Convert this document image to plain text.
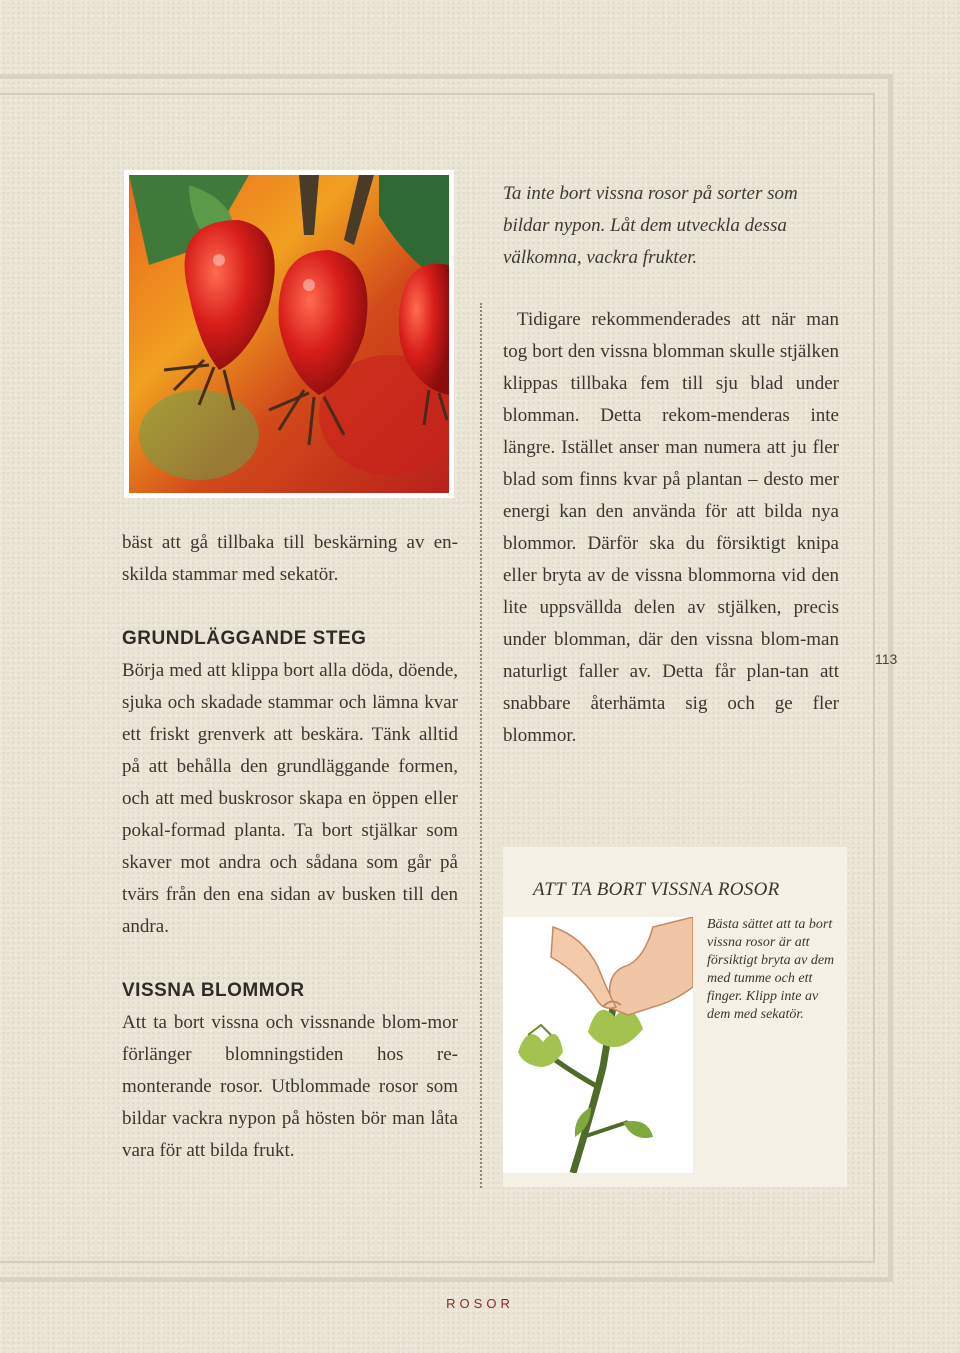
Ta inte bort vissna rosor på sorter som bildar nypon. Låt dem utveckla dessa välkomna, vackra frukter.

bäst att gå tillbaka till beskärning av en-skilda stammar med sekatör.

GRUNDLÄGGANDE STEG

Börja med att klippa bort alla döda, döende, sjuka och skadade stammar och lämna kvar ett friskt grenverk att beskära. Tänk alltid på att behålla den grundläggande formen, och att med buskrosor skapa en öppen eller pokal-formad planta. Ta bort stjälkar som skaver mot andra och sådana som går på tvärs från den ena sidan av busken till den andra.

VISSNA BLOMMOR

Att ta bort vissna och vissnande blom-mor förlänger blomningstiden hos re-monterande rosor. Utblommade rosor som bildar vackra nypon på hösten bör man låta vara för att bilda frukt.

Tidigare rekommenderades att när man tog bort den vissna blomman skulle stjälken klippas tillbaka fem till sju blad under blomman. Detta rekom-menderas inte längre. Istället anser man numera att ju fler blad som finns kvar på plantan – desto mer energi kan den använda för att bilda nya blommor. Därför ska du försiktigt knipa eller bryta av de vissna blommorna vid den lite uppsvällda delen av stjälken, precis under blomman, där den vissna blom-man naturligt faller av. Detta får plan-tan att snabbare återhämta sig och ge fler blommor.

113
ATT TA BORT VISSNA ROSOR
Bästa sättet att ta bort vissna rosor är att försiktigt bryta av dem med tumme och ett finger. Klipp inte av dem med sekatör.
ROSOR
